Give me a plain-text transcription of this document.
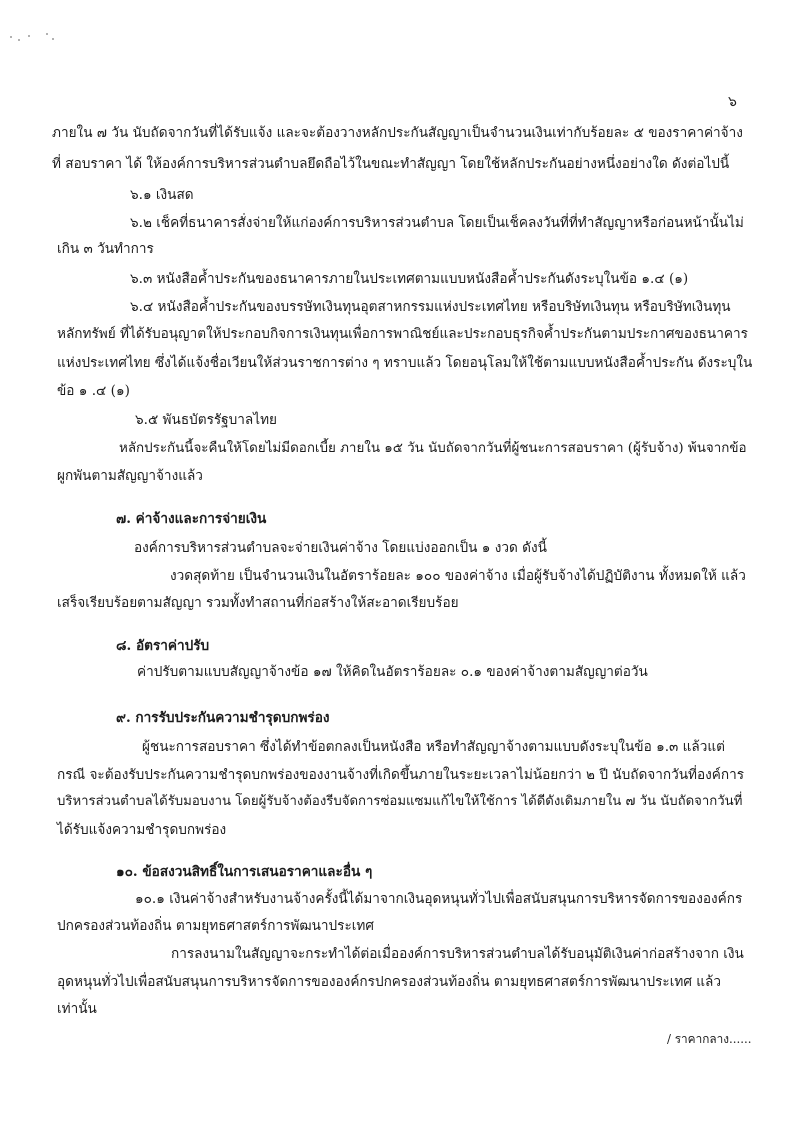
๖
ภายใน ๗ วัน นับถัดจากวันที่ได้รับแจ้ง และจะต้องวางหลักประกันสัญญาเป็นจำนวนเงินเท่ากับร้อยละ ๕ ของราคาค่าจ้าง
ที่ สอบราคา ได้ ให้องค์การบริหารส่วนตำบลยึดถือไว้ในขณะทำสัญญา โดยใช้หลักประกันอย่างหนึ่งอย่างใด ดังต่อไปนี้
๖.๑ เงินสด
๖.๒ เช็คที่ธนาคารสั่งจ่ายให้แก่องค์การบริหารส่วนตำบล โดยเป็นเช็คลงวันที่ที่ทำสัญญาหรือก่อนหน้านั้นไม่
เกิน ๓ วันทำการ
๖.๓ หนังสือค้ำประกันของธนาคารภายในประเทศตามแบบหนังสือค้ำประกันดังระบุในข้อ ๑.๔ (๑)
๖.๔ หนังสือค้ำประกันของบรรษัทเงินทุนอุตสาหกรรมแห่งประเทศไทย หรือบริษัทเงินทุน หรือบริษัทเงินทุน
หลักทรัพย์ ที่ได้รับอนุญาตให้ประกอบกิจการเงินทุนเพื่อการพาณิชย์และประกอบธุรกิจค้ำประกันตามประกาศของธนาคาร
แห่งประเทศไทย ซึ่งได้แจ้งชื่อเวียนให้ส่วนราชการต่าง ๆ ทราบแล้ว โดยอนุโลมให้ใช้ตามแบบหนังสือค้ำประกัน ดังระบุใน
ข้อ ๑ .๔ (๑)
๖.๕ พันธบัตรรัฐบาลไทย
หลักประกันนี้จะคืนให้โดยไม่มีดอกเบี้ย ภายใน ๑๕ วัน นับถัดจากวันที่ผู้ชนะการสอบราคา (ผู้รับจ้าง) พ้นจากข้อ
ผูกพันตามสัญญาจ้างแล้ว
๗. ค่าจ้างและการจ่ายเงิน
องค์การบริหารส่วนตำบลจะจ่ายเงินค่าจ้าง โดยแบ่งออกเป็น ๑ งวด ดังนี้
งวดสุดท้าย เป็นจำนวนเงินในอัตราร้อยละ ๑๐๐ ของค่าจ้าง เมื่อผู้รับจ้างได้ปฏิบัติงาน ทั้งหมดให้ แล้ว
เสร็จเรียบร้อยตามสัญญา รวมทั้งทำสถานที่ก่อสร้างให้สะอาดเรียบร้อย
๘. อัตราค่าปรับ
ค่าปรับตามแบบสัญญาจ้างข้อ ๑๗ ให้คิดในอัตราร้อยละ ๐.๑ ของค่าจ้างตามสัญญาต่อวัน
๙. การรับประกันความชำรุดบกพร่อง
ผู้ชนะการสอบราคา ซึ่งได้ทำข้อตกลงเป็นหนังสือ หรือทำสัญญาจ้างตามแบบดังระบุในข้อ ๑.๓ แล้วแต่
กรณี จะต้องรับประกันความชำรุดบกพร่องของงานจ้างที่เกิดขึ้นภายในระยะเวลาไม่น้อยกว่า ๒ ปี นับถัดจากวันที่องค์การ
บริหารส่วนตำบลได้รับมอบงาน โดยผู้รับจ้างต้องรีบจัดการซ่อมแซมแก้ไขให้ใช้การ ได้ดีดังเดิมภายใน ๗ วัน นับถัดจากวันที่
ได้รับแจ้งความชำรุดบกพร่อง
๑๐. ข้อสงวนสิทธิ์ในการเสนอราคาและอื่น ๆ
๑๐.๑ เงินค่าจ้างสำหรับงานจ้างครั้งนี้ได้มาจากเงินอุดหนุนทั่วไปเพื่อสนับสนุนการบริหารจัดการขององค์กร
ปกครองส่วนท้องถิ่น ตามยุทธศาสตร์การพัฒนาประเทศ
การลงนามในสัญญาจะกระทำได้ต่อเมื่อองค์การบริหารส่วนตำบลได้รับอนุมัติเงินค่าก่อสร้างจาก เงิน
อุดหนุนทั่วไปเพื่อสนับสนุนการบริหารจัดการขององค์กรปกครองส่วนท้องถิ่น ตามยุทธศาสตร์การพัฒนาประเทศ แล้ว
เท่านั้น
/ ราคากลาง......
